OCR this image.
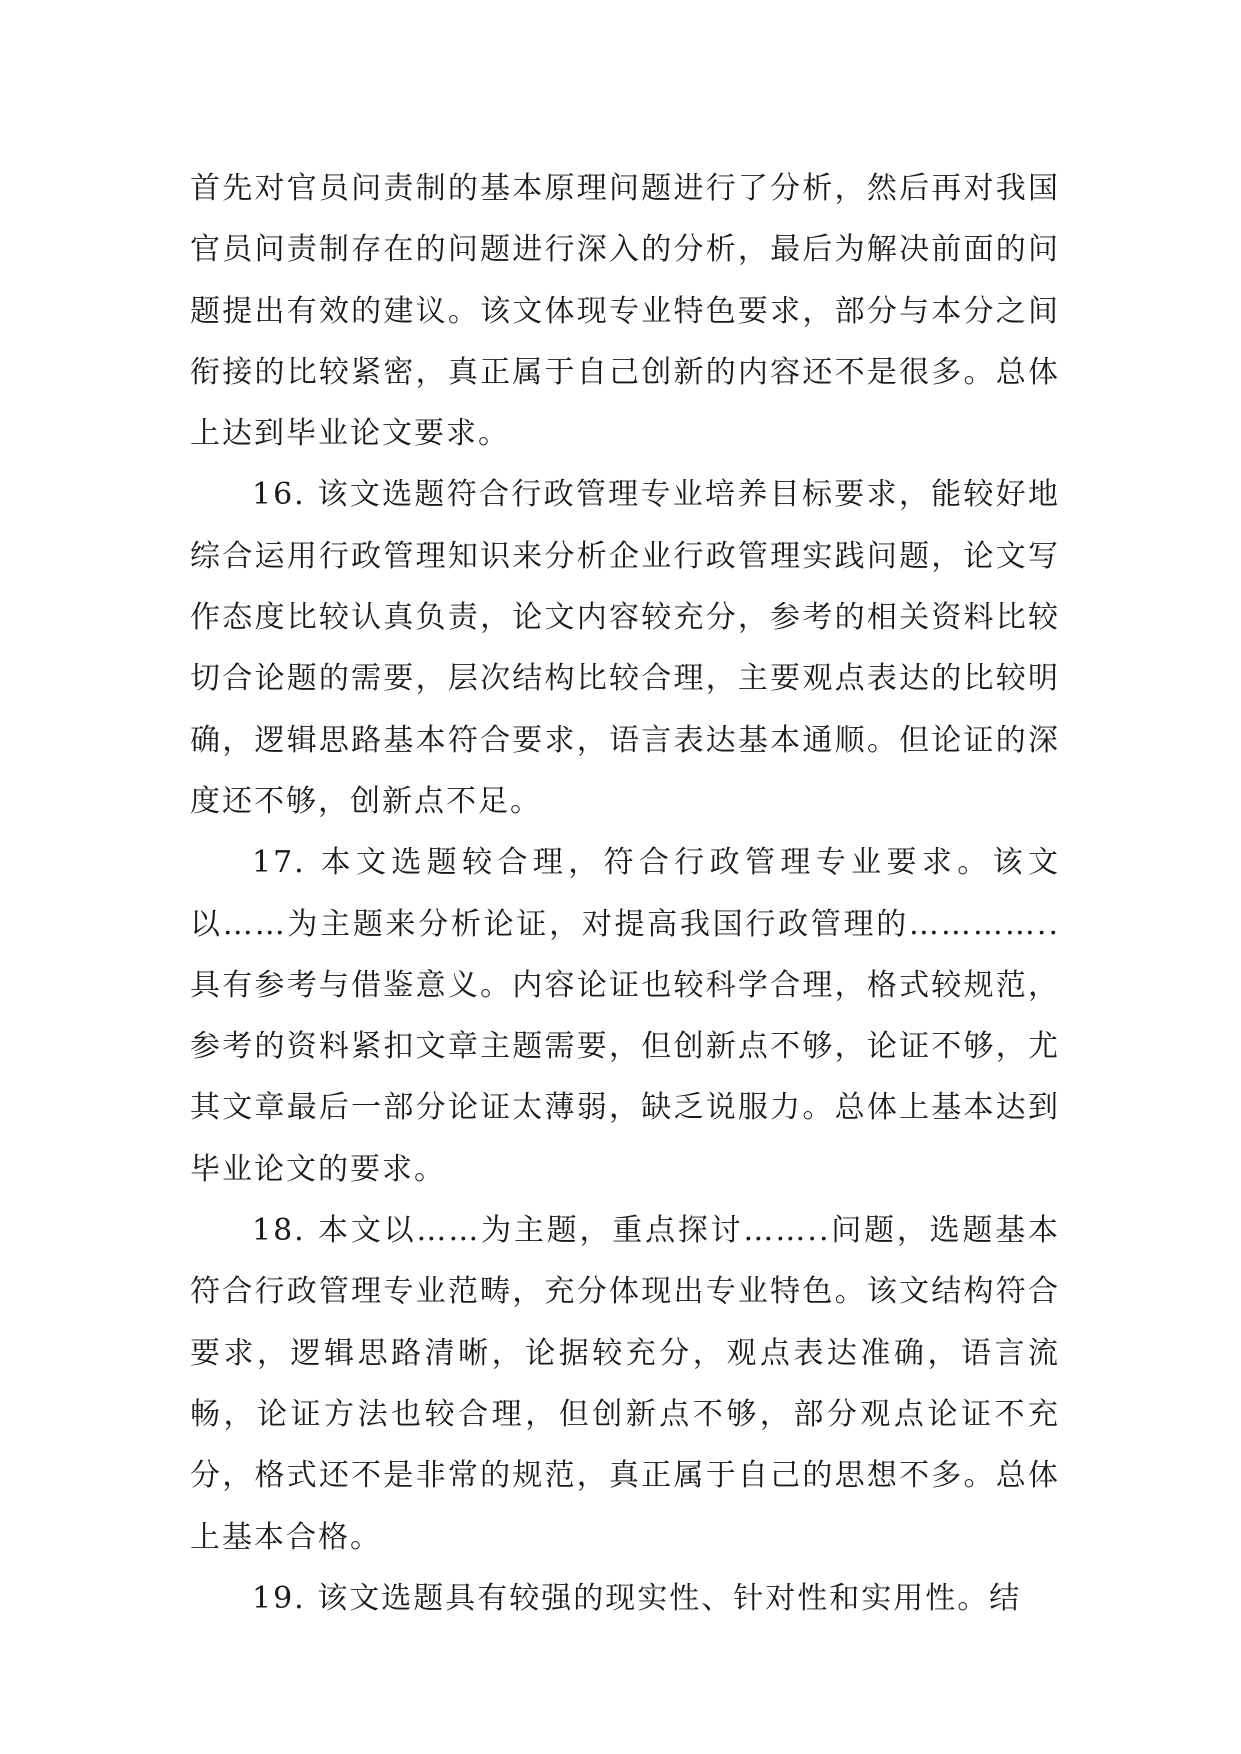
首先对官员问责制的基本原理问题进行了分析，然后再对我国官员问责制存在的问题进行深入的分析，最后为解决前面的问题提出有效的建议。该文体现专业特色要求，部分与本分之间衔接的比较紧密，真正属于自己创新的内容还不是很多。总体上达到毕业论文要求。

16. 该文选题符合行政管理专业培养目标要求，能较好地综合运用行政管理知识来分析企业行政管理实践问题，论文写作态度比较认真负责，论文内容较充分，参考的相关资料比较切合论题的需要，层次结构比较合理，主要观点表达的比较明确，逻辑思路基本符合要求，语言表达基本通顺。但论证的深度还不够，创新点不足。

17. 本文选题较合理，符合行政管理专业要求。该文以……为主题来分析论证，对提高我国行政管理的…………..具有参考与借鉴意义。内容论证也较科学合理，格式较规范，参考的资料紧扣文章主题需要，但创新点不够，论证不够，尤其文章最后一部分论证太薄弱，缺乏说服力。总体上基本达到毕业论文的要求。

18. 本文以……为主题，重点探讨……..问题，选题基本符合行政管理专业范畴，充分体现出专业特色。该文结构符合要求，逻辑思路清晰，论据较充分，观点表达准确，语言流畅，论证方法也较合理，但创新点不够，部分观点论证不充分，格式还不是非常的规范，真正属于自己的思想不多。总体上基本合格。

19. 该文选题具有较强的现实性、针对性和实用性。结
